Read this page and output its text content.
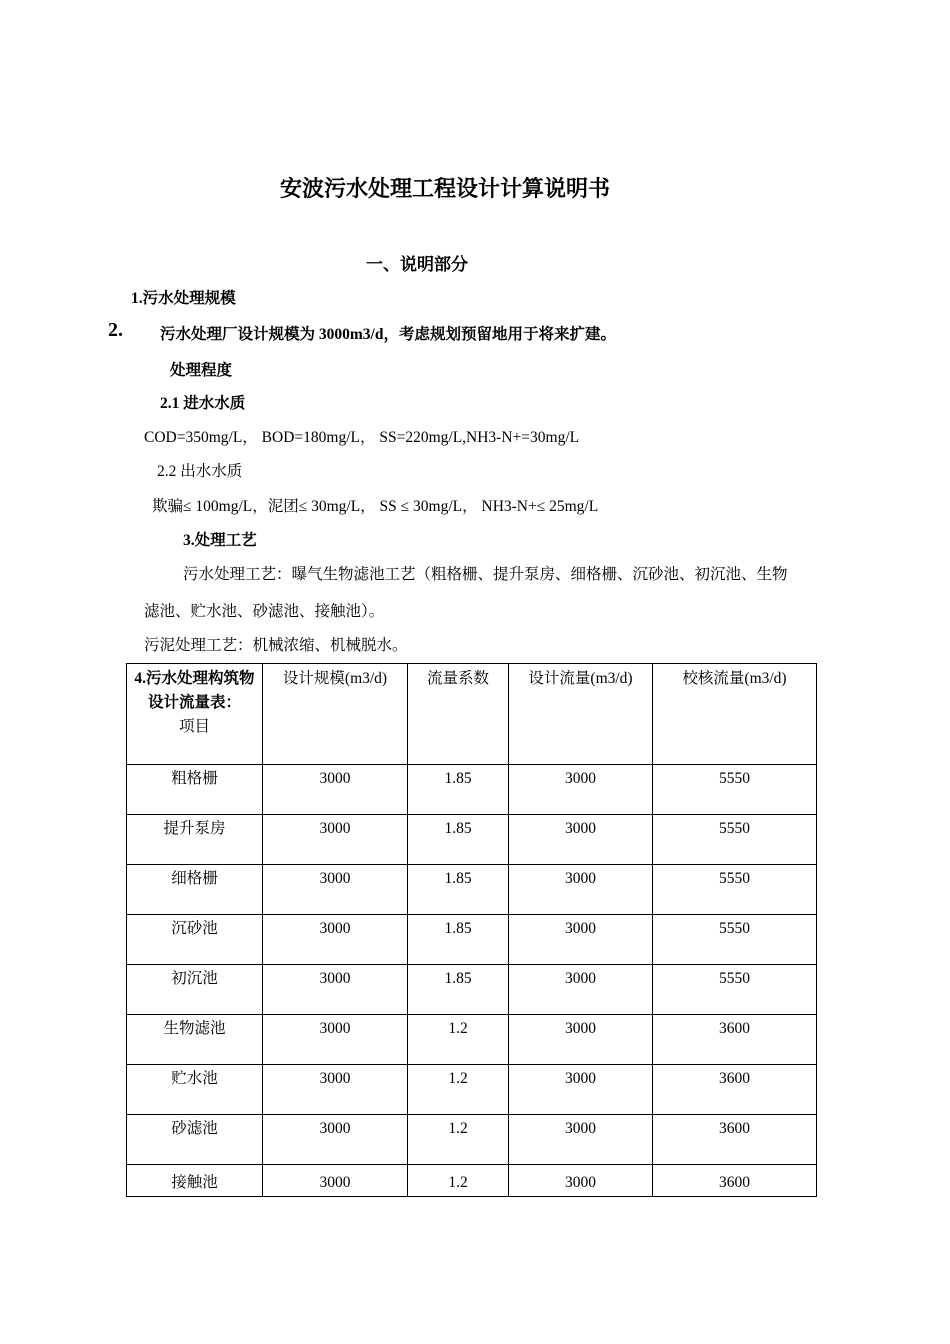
安波污水处理工程设计计算说明书
一、说明部分
1.污水处理规模
2. 污水处理厂设计规模为 3000m3/d，考虑规划预留地用于将来扩建。
处理程度
2.1 进水水质
COD=350mg/L， BOD=180mg/L， SS=220mg/L,NH3-N+=30mg/L
2.2 出水水质
欺骗≤ 100mg/L，泥团≤ 30mg/L， SS ≤ 30mg/L， NH3-N+≤ 25mg/L
3.处理工艺
污水处理工艺：曝气生物滤池工艺（粗格栅、提升泵房、细格栅、沉砂池、初沉池、生物
滤池、贮水池、砂滤池、接触池）。
污泥处理工艺：机械浓缩、机械脱水。
4.污水处理构筑物设计流量表：
项目	设计规模(m3/d)	流量系数	设计流量(m3/d)	校核流量(m3/d)
粗格栅	3000	1.85	3000	5550
提升泵房	3000	1.85	3000	5550
细格栅	3000	1.85	3000	5550
沉砂池	3000	1.85	3000	5550
初沉池	3000	1.85	3000	5550
生物滤池	3000	1.2	3000	3600
贮水池	3000	1.2	3000	3600
砂滤池	3000	1.2	3000	3600
接触池	3000	1.2	3000	3600
